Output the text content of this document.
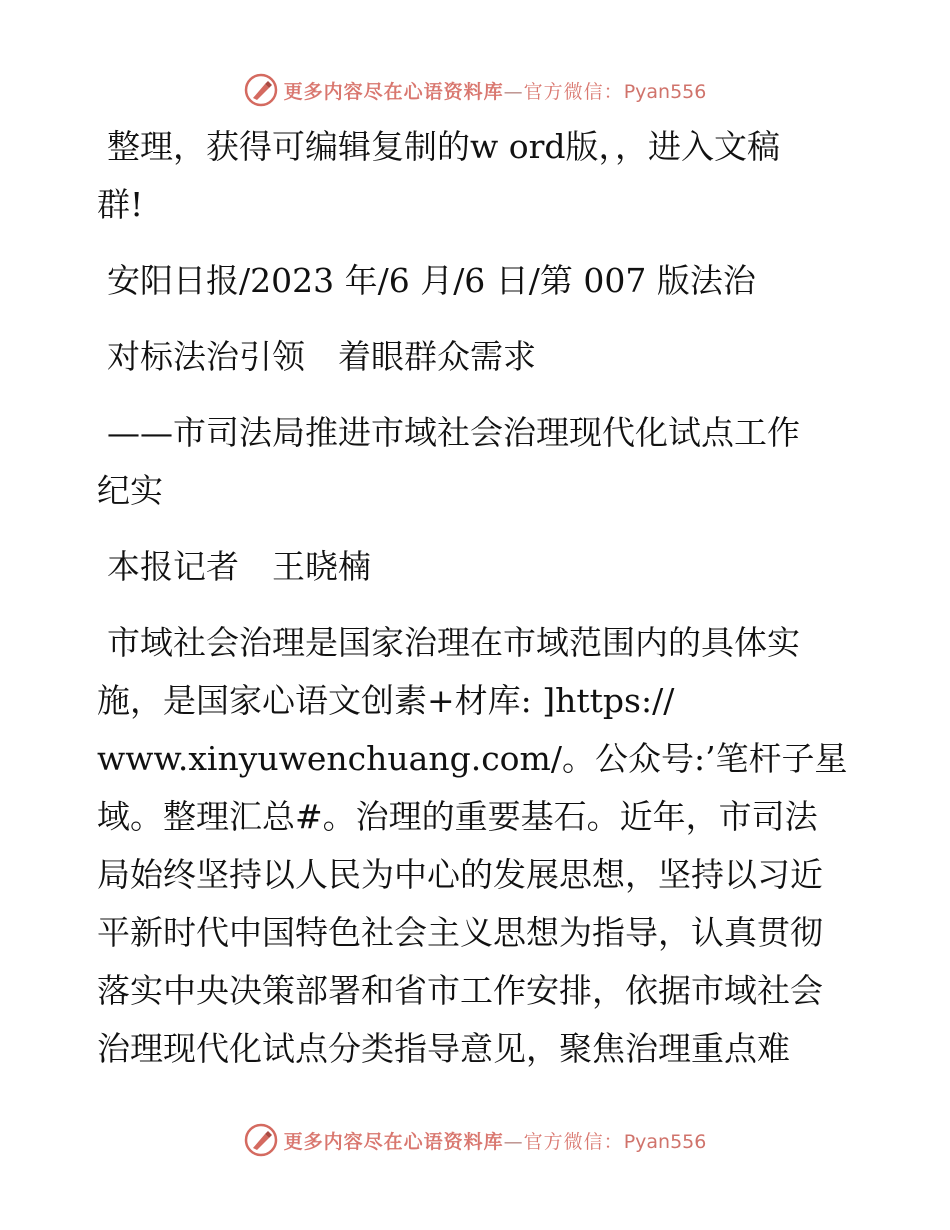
更多内容尽在心语资料库—官方微信：Pyan556

整理，获得可编辑复制的w ord版，，进入文稿
群!

安阳日报/2023 年/6 月/6 日/第 007 版法治

对标法治引领　着眼群众需求

——市司法局推进市域社会治理现代化试点工作
纪实

本报记者　王晓楠

市域社会治理是国家治理在市域范围内的具体实
施，是国家心语文创素+材库: ]https://
www.xinyuwenchuang.com/。公众号:’笔杆子星
域。整理汇总#。治理的重要基石。近年，市司法
局始终坚持以人民为中心的发展思想，坚持以习近
平新时代中国特色社会主义思想为指导，认真贯彻
落实中央决策部署和省市工作安排，依据市域社会
治理现代化试点分类指导意见，聚焦治理重点难

更多内容尽在心语资料库—官方微信：Pyan556
